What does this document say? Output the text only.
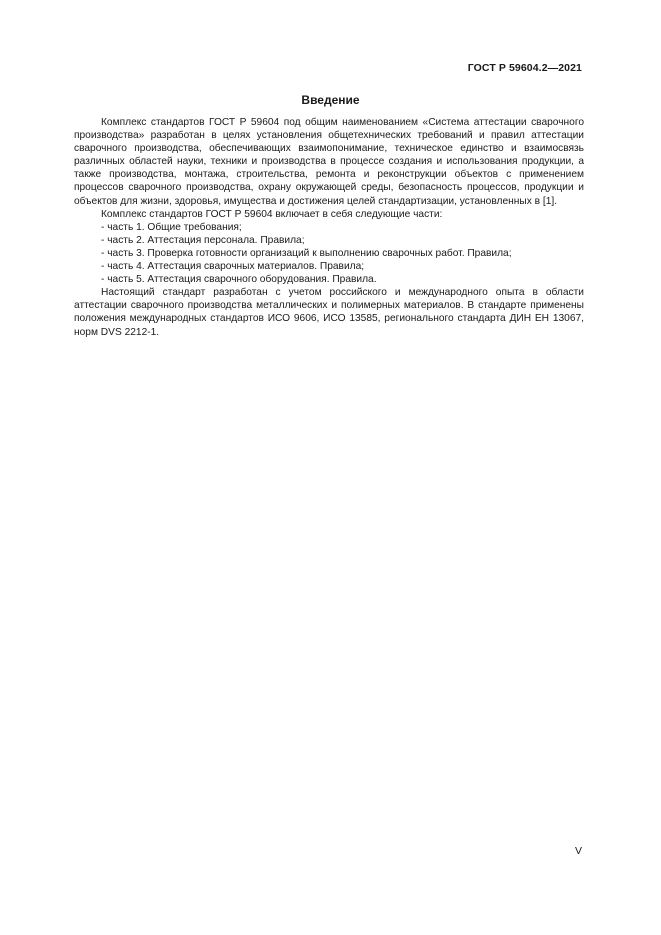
ГОСТ Р 59604.2—2021
Введение

Комплекс стандартов ГОСТ Р 59604 под общим наименованием «Система аттестации сварочного производства» разработан в целях установления общетехнических требований и правил аттестации сварочного производства, обеспечивающих взаимопонимание, техническое единство и взаимосвязь различных областей науки, техники и производства в процессе создания и использования продукции, а также производства, монтажа, строительства, ремонта и реконструкции объектов с применением процессов сварочного производства, охрану окружающей среды, безопасность процессов, продукции и объектов для жизни, здоровья, имущества и достижения целей стандартизации, установленных в [1].

Комплекс стандартов ГОСТ Р 59604 включает в себя следующие части:

- часть 1. Общие требования;

- часть 2. Аттестация персонала. Правила;

- часть 3. Проверка готовности организаций к выполнению сварочных работ. Правила;

- часть 4. Аттестация сварочных материалов. Правила;

- часть 5. Аттестация сварочного оборудования. Правила.

Настоящий стандарт разработан с учетом российского и международного опыта в области аттестации сварочного производства металлических и полимерных материалов. В стандарте применены положения международных стандартов ИСО 9606, ИСО 13585, регионального стандарта ДИН ЕН 13067, норм DVS 2212-1.

V
